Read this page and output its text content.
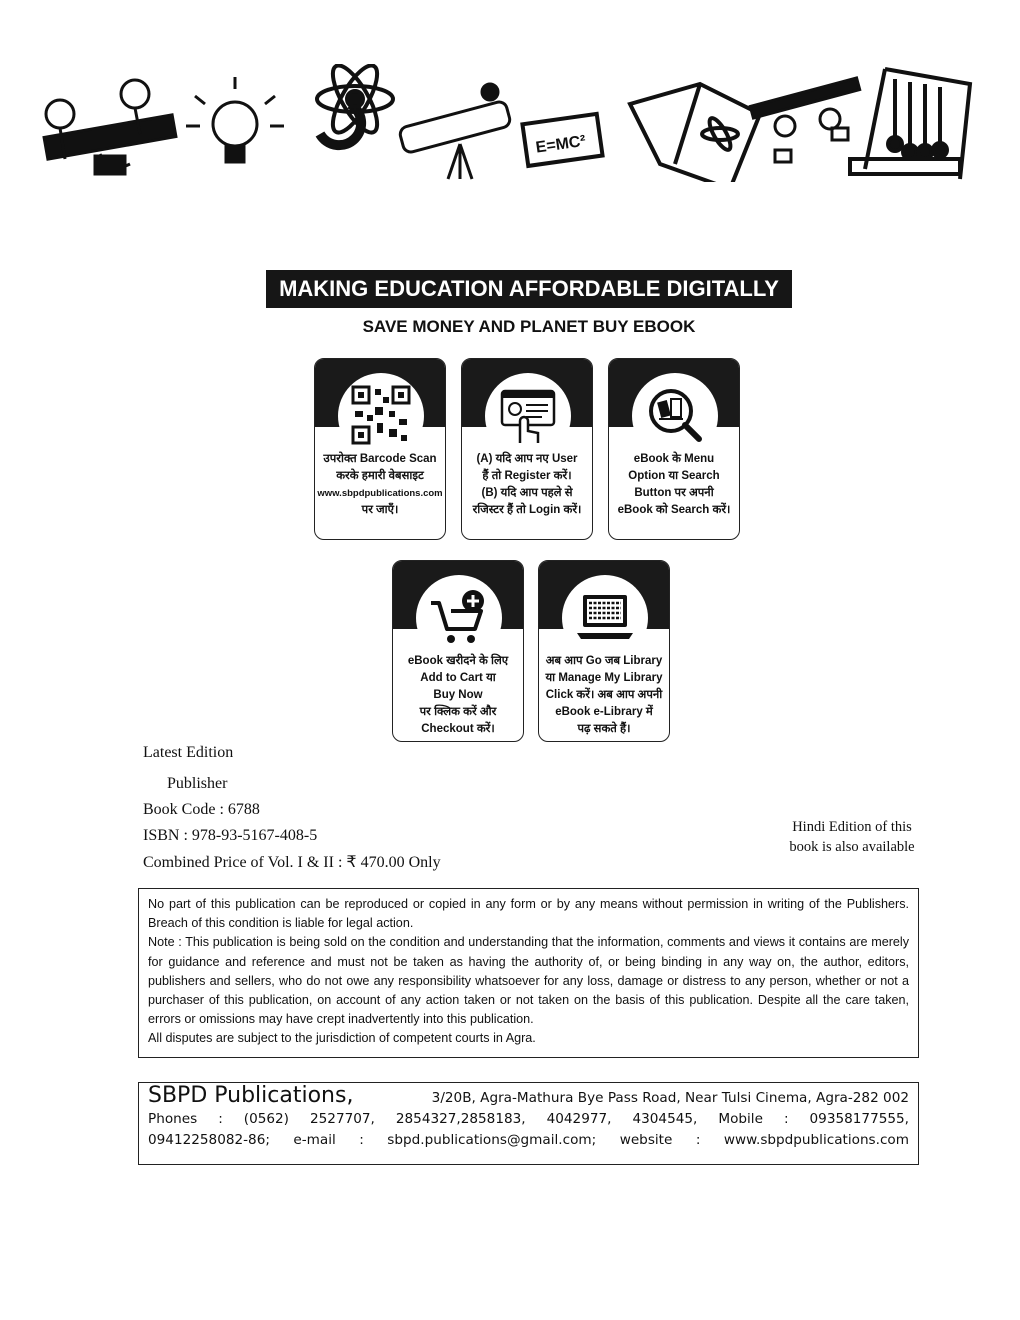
E=MC²
MAKING EDUCATION AFFORDABLE DIGITALLY
SAVE MONEY AND PLANET BUY EBOOK
उपरोक्त Barcode Scan
करके हमारी वेबसाइट
www.sbpdpublications.com
पर जाएँ।
(A) यदि आप नए User
हैं तो Register करें।
(B) यदि आप पहले से
रजिस्टर हैं तो Login करें।
eBook के Menu
Option या Search
Button पर अपनी
eBook को Search करें।
eBook खरीदने के लिए
Add to Cart या
Buy Now
पर क्लिक करें और
Checkout करें।
अब आप Go जब Library
या Manage My Library
Click करें। अब आप अपनी
eBook e-Library में
पढ़ सकते हैं।
Latest Edition
Publisher
Book Code : 6788
ISBN : 978-93-5167-408-5
Combined Price of Vol. I & II : ₹ 470.00 Only
Hindi Edition of this
book is also available

No part of this publication can be reproduced or copied in any form or by any means without permission in writing of the Publishers. Breach of this condition is liable for legal action.

Note : This publication is being sold on the condition and understanding that the information, comments and views it contains are merely for guidance and reference and must not be taken as having the authority of, or being binding in any way on, the author, editors, publishers and sellers, who do not owe any responsibility whatsoever for any loss, damage or distress to any person, whether or not a purchaser of this publication, on account of any action taken or not taken on the basis of this publication. Despite all the care taken, errors or omissions may have crept inadvertently into this publication.

All disputes are subject to the jurisdiction of competent courts in Agra.

SBPD Publications,	3/20B, Agra-Mathura Bye Pass Road, Near Tulsi Cinema, Agra-282 002
Phones : (0562) 2527707, 2854327,2858183, 4042977, 4304545, Mobile : 09358177555,
09412258082-86; e-mail : sbpd.publications@gmail.com; website : www.sbpdpublications.com
